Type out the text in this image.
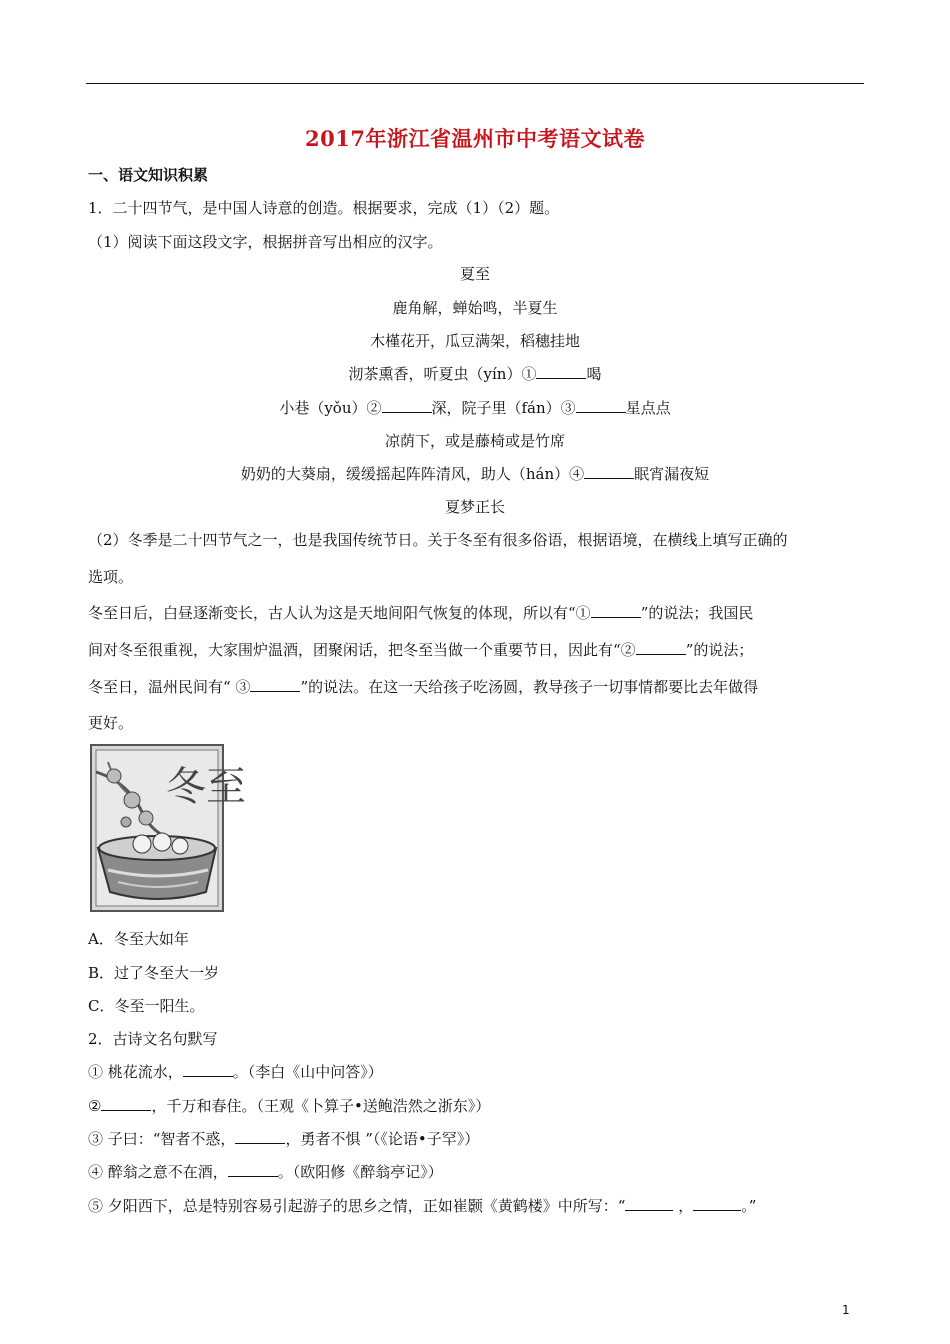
2017年浙江省温州市中考语文试卷
一、语文知识积累
1．二十四节气，是中国人诗意的创造。根据要求，完成（1）（2）题。
（1）阅读下面这段文字，根据拼音写出相应的汉字。
夏至
鹿角解，蝉始鸣，半夏生
木槿花开，瓜豆满架，稻穗挂地
沏茶熏香，听夏虫（yín）①	喝
小巷（yǒu）②	深，院子里（fán）③	星点点
凉荫下，或是藤椅或是竹席
奶奶的大葵扇，缓缓摇起阵阵清风，助人（hán）④	眠宵漏夜短
夏梦正长
（2）冬季是二十四节气之一，也是我国传统节日。关于冬至有很多俗语，根据语境，在横线上填写正确的
选项。
冬至日后，白昼逐渐变长，古人认为这是天地间阳气恢复的体现，所以有“①	”的说法；我国民
间对冬至很重视，大家围炉温酒，团聚闲话，把冬至当做一个重要节日，因此有“②	”的说法；
冬至日，温州民间有“ ③	”的说法。在这一天给孩子吃汤圆，教导孩子一切事情都要比去年做得
更好。
冬至
A．冬至大如年
B．过了冬至大一岁
C．冬至一阳生。
2．古诗文名句默写
① 桃花流水，	。（李白《山中问答》）
②	，千万和春住。（王观《卜算子•送鲍浩然之浙东》）
③ 子曰：“智者不惑，	，勇者不惧 ”（《论语•子罕》）
④ 醉翁之意不在酒，	。（欧阳修《醉翁亭记》）
⑤ 夕阳西下，总是特别容易引起游子的思乡之情，正如崔颢《黄鹤楼》中所写：“	，	。”
1
